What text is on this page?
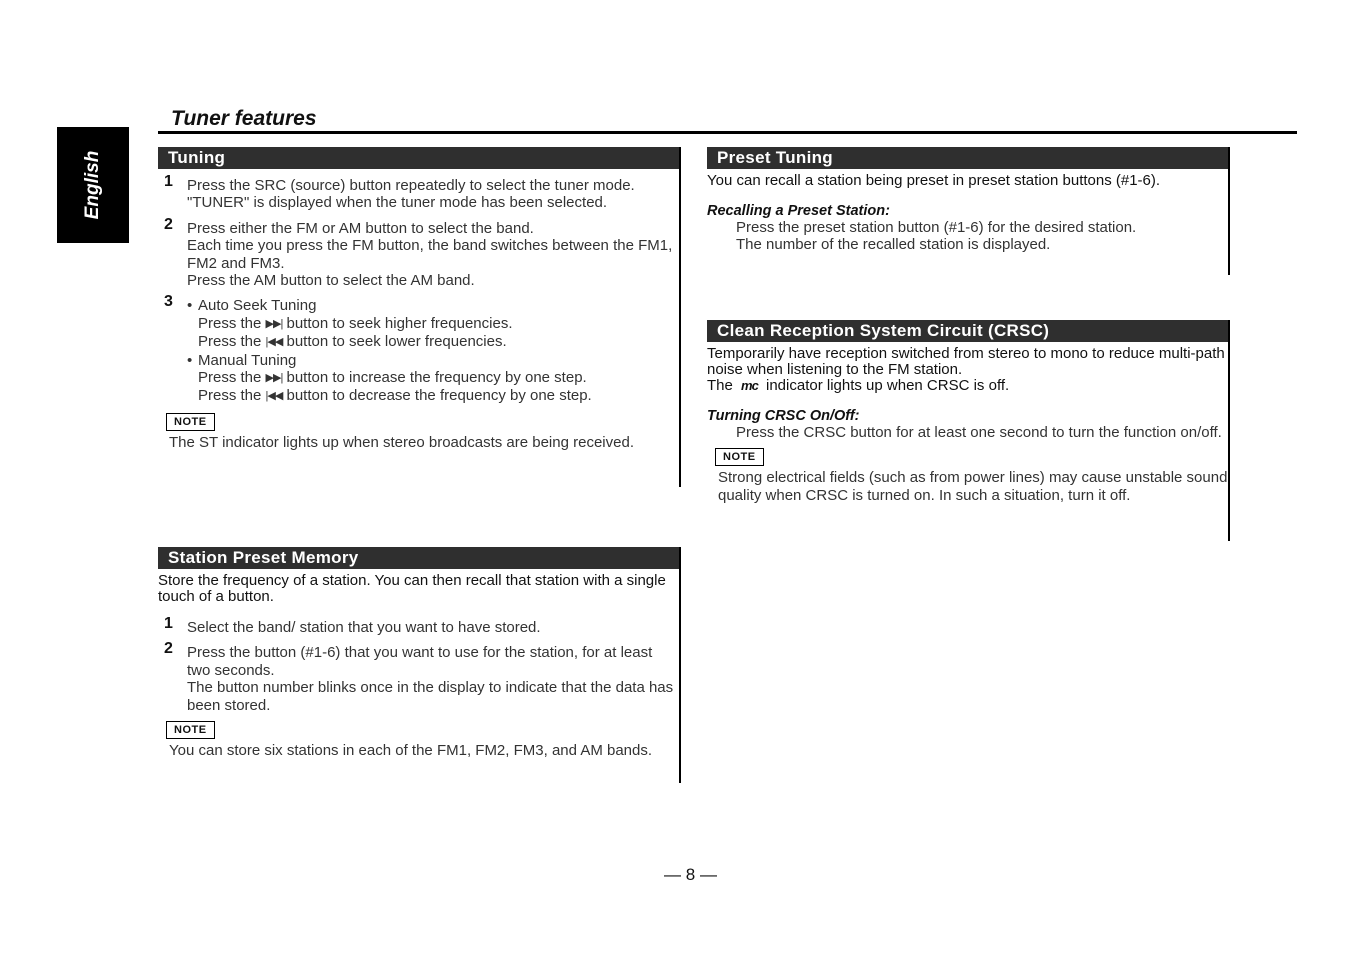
English
Tuner features
Tuning
1 Press the SRC (source) button repeatedly to select the tuner mode. "TUNER" is displayed when the tuner mode has been selected.
2 Press either the FM or AM button to select the band.
Each time you press the FM button, the band switches between the FM1, FM2 and FM3.
Press the AM button to select the AM band.
3
•	Auto Seek Tuning
Press the ▶▶| button to seek higher frequencies.
Press the |◀◀ button to seek lower frequencies.
• Manual Tuning
Press the ▶▶| button to increase the frequency by one step.
Press the |◀◀ button to decrease the frequency by one step.
NOTE
The ST indicator lights up when stereo broadcasts are being received.
Station Preset Memory
Store the frequency of a station. You can then recall that station with a single touch of a button.
1 Select the band/ station that you want to have stored.
2 Press the button (#1-6) that you want to use for the station, for at least two seconds.
The button number blinks once in the display to indicate that the data has been stored.
NOTE
You can store six stations in each of the FM1, FM2, FM3, and AM bands.
Preset Tuning
You can recall a station being preset in preset station buttons (#1-6).
Recalling a Preset Station:
Press the preset station button (#1-6) for the desired station.
The number of the recalled station is displayed.
Clean Reception System Circuit (CRSC)
Temporarily have reception switched from stereo to mono to reduce multi-path noise when listening to the FM station.
The mc indicator lights up when CRSC is off.
Turning CRSC On/Off:
Press the CRSC button for at least one second to turn the function on/off.
NOTE
Strong electrical fields (such as from power lines) may cause unstable sound quality when CRSC is turned on. In such a situation, turn it off.
— 8 —
